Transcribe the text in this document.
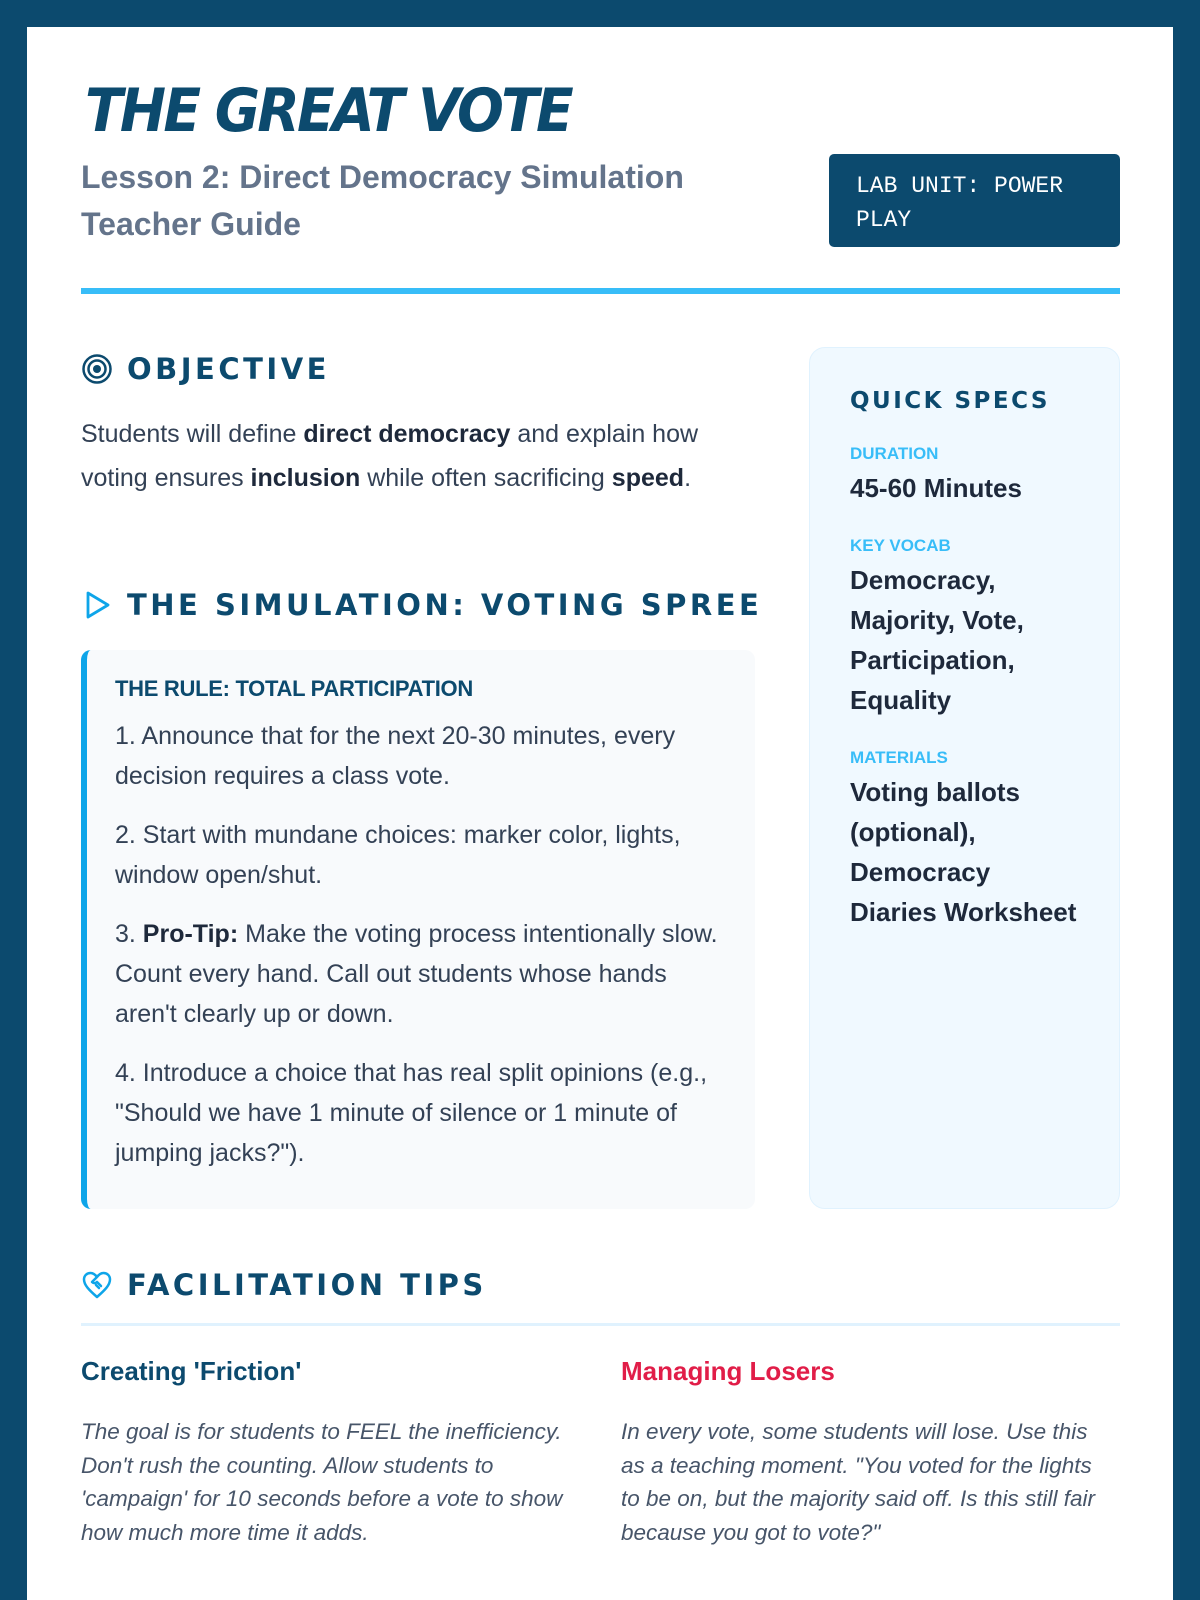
THE GREAT VOTE
Lesson 2: Direct Democracy Simulation
Teacher Guide
LAB UNIT: POWER PLAY
OBJECTIVE
Students will define direct democracy and explain how voting ensures inclusion while often sacrificing speed.
THE SIMULATION: VOTING SPREE
THE RULE: TOTAL PARTICIPATION

1. Announce that for the next 20-30 minutes, every decision requires a class vote.

2. Start with mundane choices: marker color, lights, window open/shut.

3. Pro-Tip: Make the voting process intentionally slow. Count every hand. Call out students whose hands aren't clearly up or down.

4. Introduce a choice that has real split opinions (e.g., "Should we have 1 minute of silence or 1 minute of jumping jacks?").

QUICK SPECS
DURATION
45-60 Minutes
KEY VOCAB
Democracy, Majority, Vote, Participation, Equality
MATERIALS
Voting ballots (optional), Democracy Diaries Worksheet
FACILITATION TIPS
Creating 'Friction'

The goal is for students to FEEL the inefficiency. Don't rush the counting. Allow students to 'campaign' for 10 seconds before a vote to show how much more time it adds.

Managing Losers

In every vote, some students will lose. Use this as a teaching moment. "You voted for the lights to be on, but the majority said off. Is this still fair because you got to vote?"
